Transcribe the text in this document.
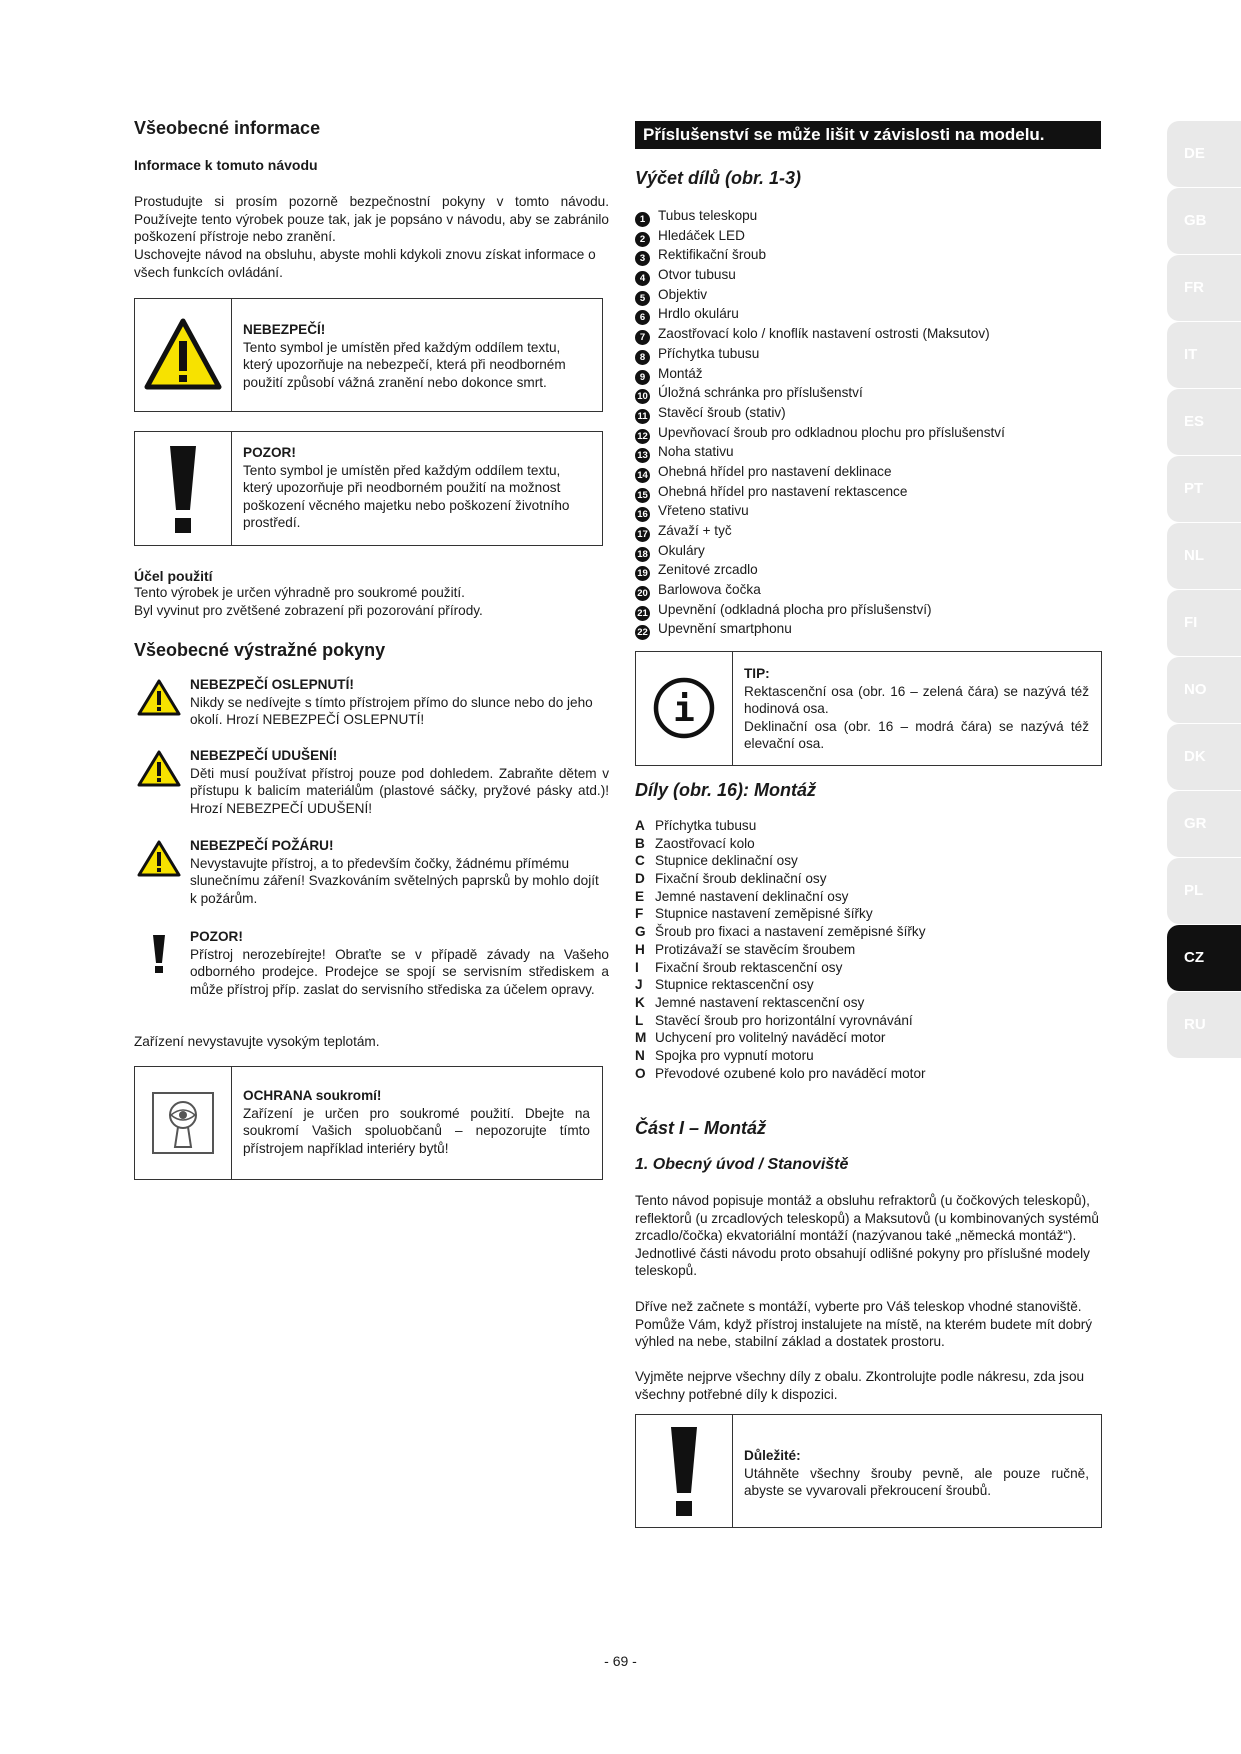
Všeobecné informace
Informace k tomuto návodu
Prostudujte si prosím pozorně bezpečnostní pokyny v tomto návodu. Používejte tento výrobek pouze tak, jak je popsáno v návodu, aby se zabránilo poškození přístroje nebo zranění.
Uschovejte návod na obsluhu, abyste mohli kdykoli znovu získat informace o všech funkcích ovládání.
NEBEZPEČÍ!
Tento symbol je umístěn před každým oddílem textu, který upozorňuje na nebezpečí, která při neodborném použití způsobí vážná zranění nebo dokonce smrt.
POZOR!
Tento symbol je umístěn před každým oddílem textu, který upozorňuje při neodborném použití na možnost poškození věcného majetku nebo poškození životního prostředí.
Účel použití
Tento výrobek je určen výhradně pro soukromé použití.
Byl vyvinut pro zvětšené zobrazení při pozorování přírody.
Všeobecné výstražné pokyny
NEBEZPEČÍ OSLEPNUTÍ!
Nikdy se nedívejte s tímto přístrojem přímo do slunce nebo do jeho okolí. Hrozí NEBEZPEČÍ OSLEPNUTÍ!
NEBEZPEČÍ UDUŠENÍ!
Děti musí používat přístroj pouze pod dohledem. Zabraňte dětem v přístupu k balicím materiálům (plastové sáčky, pryžové pásky atd.)! Hrozí NEBEZPEČÍ UDUŠENÍ!
NEBEZPEČÍ POŽÁRU!
Nevystavujte přístroj, a to především čočky, žádnému přímému slunečnímu záření! Svazkováním světelných paprsků by mohlo dojít k požárům.
POZOR!
Přístroj nerozebírejte! Obraťte se v případě závady na Vašeho odborného prodejce. Prodejce se spojí se servisním střediskem a může přístroj příp. zaslat do servisního střediska za účelem opravy.
Zařízení nevystavujte vysokým teplotám.
OCHRANA soukromí!
Zařízení je určen pro soukromé použití. Dbejte na soukromí Vašich spoluobčanů – nepozorujte tímto přístrojem například interiéry bytů!
Příslušenství se může lišit v závislosti na modelu.
Výčet dílů (obr. 1-3)
1 Tubus teleskopu
2 Hledáček LED
3 Rektifikační šroub
4 Otvor tubusu
5 Objektiv
6 Hrdlo okuláru
7 Zaostřovací kolo / knoflík nastavení ostrosti (Maksutov)
8 Příchytka tubusu
9 Montáž
10 Úložná schránka pro příslušenství
11 Stavěcí šroub (stativ)
12 Upevňovací šroub pro odkladnou plochu pro příslušenství
13 Noha stativu
14 Ohebná hřídel pro nastavení deklinace
15 Ohebná hřídel pro nastavení rektascence
16 Vřeteno stativu
17 Závaží + tyč
18 Okuláry
19 Zenitové zrcadlo
20 Barlowova čočka
21 Upevnění (odkladná plocha pro příslušenství)
22 Upevnění smartphonu
i
TIP:
Rektascenční osa (obr. 16 – zelená čára) se nazývá též hodinová osa.
Deklinační osa (obr. 16 – modrá čára) se nazývá též elevační osa.
Díly (obr. 16): Montáž
A Příchytka tubusu
B Zaostřovací kolo
C Stupnice deklinační osy
D Fixační šroub deklinační osy
E Jemné nastavení deklinační osy
F Stupnice nastavení zeměpisné šířky
G Šroub pro fixaci a nastavení zeměpisné šířky
H Protizávaží se stavěcím šroubem
I Fixační šroub rektascenční osy
J Stupnice rektascenční osy
K Jemné nastavení rektascenční osy
L Stavěcí šroub pro horizontální vyrovnávání
M Uchycení pro volitelný naváděcí motor
N Spojka pro vypnutí motoru
O Převodové ozubené kolo pro naváděcí motor
Část I – Montáž
1. Obecný úvod / Stanoviště
Tento návod popisuje montáž a obsluhu refraktorů (u čočkových teleskopů), reflektorů (u zrcadlových teleskopů) a Maksutovů (u kombinovaných systémů zrcadlo/čočka) ekvatoriální montáží (nazývanou také „německá montáž“). Jednotlivé části návodu proto obsahují odlišné pokyny pro příslušné modely teleskopů.
Dříve než začnete s montáží, vyberte pro Váš teleskop vhodné stanoviště. Pomůže Vám, když přístroj instalujete na místě, na kterém budete mít dobrý výhled na nebe, stabilní základ a dostatek prostoru.
Vyjměte nejprve všechny díly z obalu. Zkontrolujte podle nákresu, zda jsou všechny potřebné díly k dispozici.
Důležité:
Utáhněte všechny šrouby pevně, ale pouze ručně, abyste se vyvarovali překroucení šroubů.
- 69 -
DE
GB
FR
IT
ES
PT
NL
FI
NO
DK
GR
PL
CZ
RU
